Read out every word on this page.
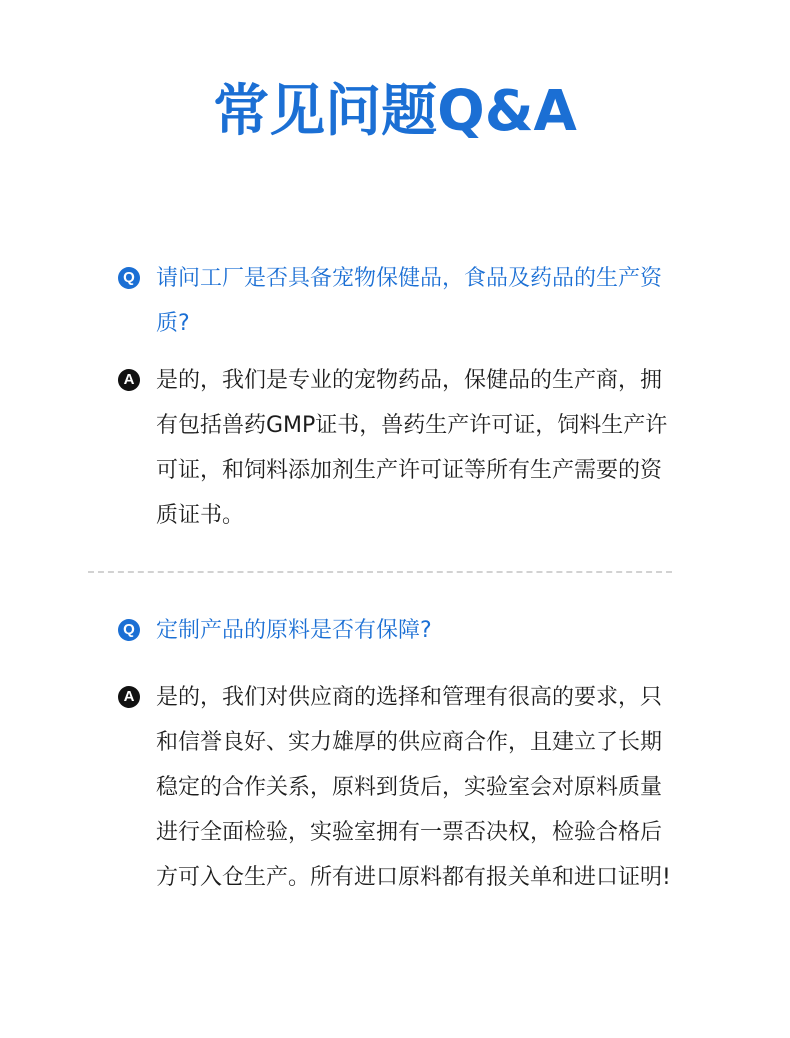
常见问题Q&A
Q 请问工厂是否具备宠物保健品，食品及药品的生产资质?
A 是的，我们是专业的宠物药品，保健品的生产商，拥有包括兽药GMP证书，兽药生产许可证，饲料生产许可证，和饲料添加剂生产许可证等所有生产需要的资质证书。
Q 定制产品的原料是否有保障?
A 是的，我们对供应商的选择和管理有很高的要求，只和信誉良好、实力雄厚的供应商合作，且建立了长期稳定的合作关系，原料到货后，实验室会对原料质量进行全面检验，实验室拥有一票否决权，检验合格后方可入仓生产。所有进口原料都有报关单和进口证明!
